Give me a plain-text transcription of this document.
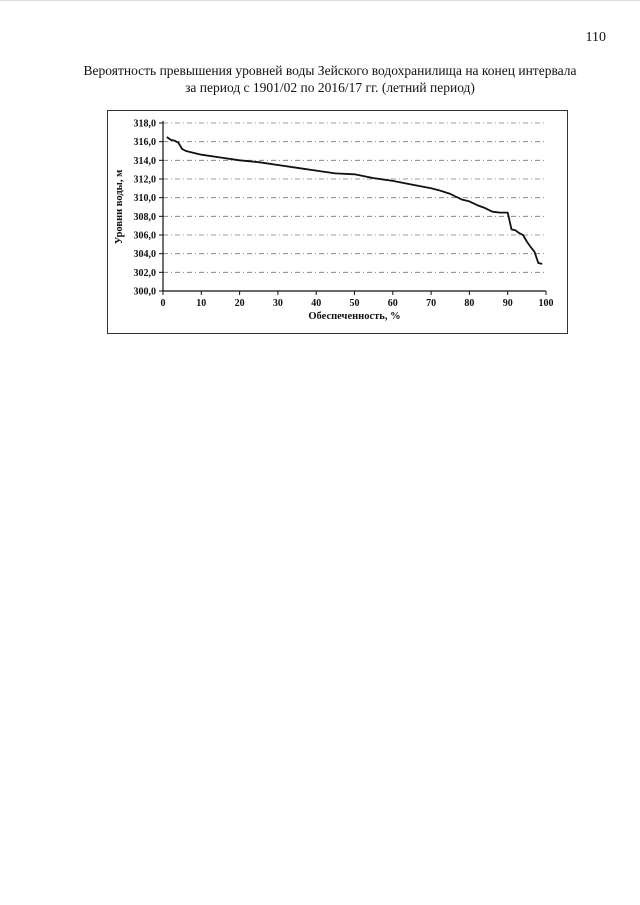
110
Вероятность превышения уровней воды Зейского водохранилища на конец интервала
за период с 1901/02 по 2016/17 гг. (летний период)
300,0
302,0
304,0
306,0
308,0
310,0
312,0
314,0
316,0
318,0
0	10	20	30	40	50	60	70	80	90	100
Обеспеченность, %
Уровни воды, м
